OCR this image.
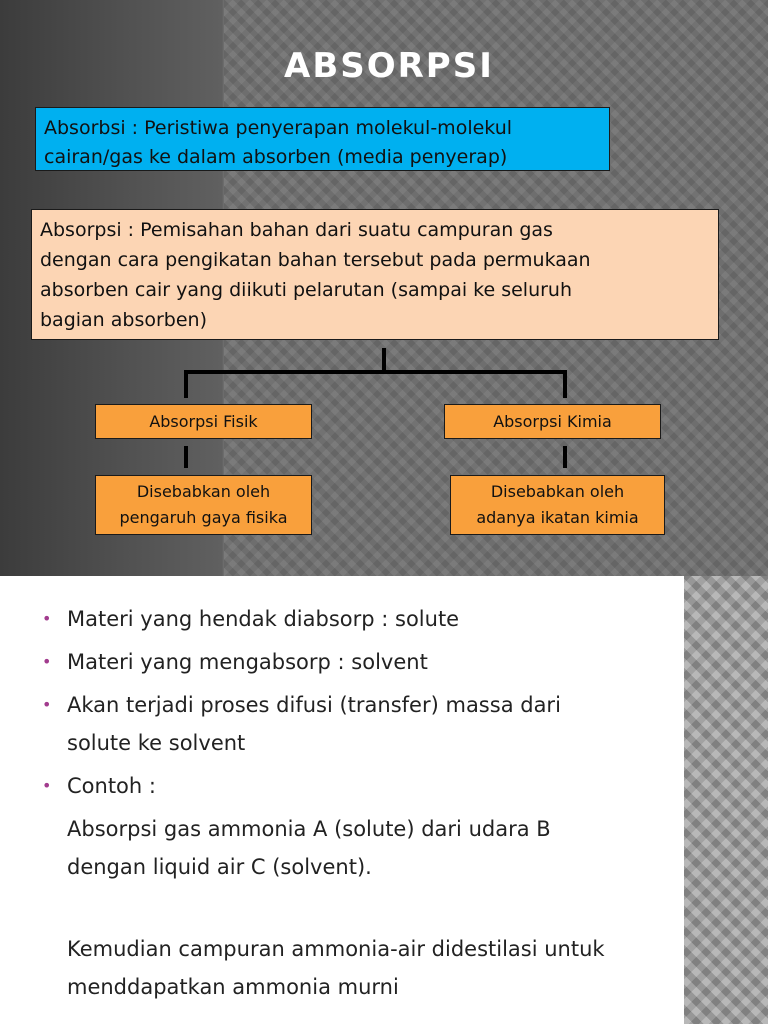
ABSORPSI
Absorbsi : Peristiwa penyerapan molekul-molekul
cairan/gas ke dalam absorben (media penyerap)
Absorpsi : Pemisahan bahan dari suatu campuran gas
dengan cara pengikatan bahan tersebut pada permukaan
absorben cair yang diikuti pelarutan (sampai ke seluruh
bagian absorben)
Absorpsi Fisik	Absorpsi Kimia
Disebabkan oleh
pengaruh gaya fisika
Disebabkan oleh
adanya ikatan kimia
• Materi yang hendak diabsorp : solute
• Materi yang mengabsorp : solvent
• Akan terjadi proses difusi (transfer) massa dari
solute ke solvent
• Contoh :
Absorpsi gas ammonia A (solute) dari udara B
dengan liquid air C (solvent).
Kemudian campuran ammonia-air didestilasi untuk
menddapatkan ammonia murni
